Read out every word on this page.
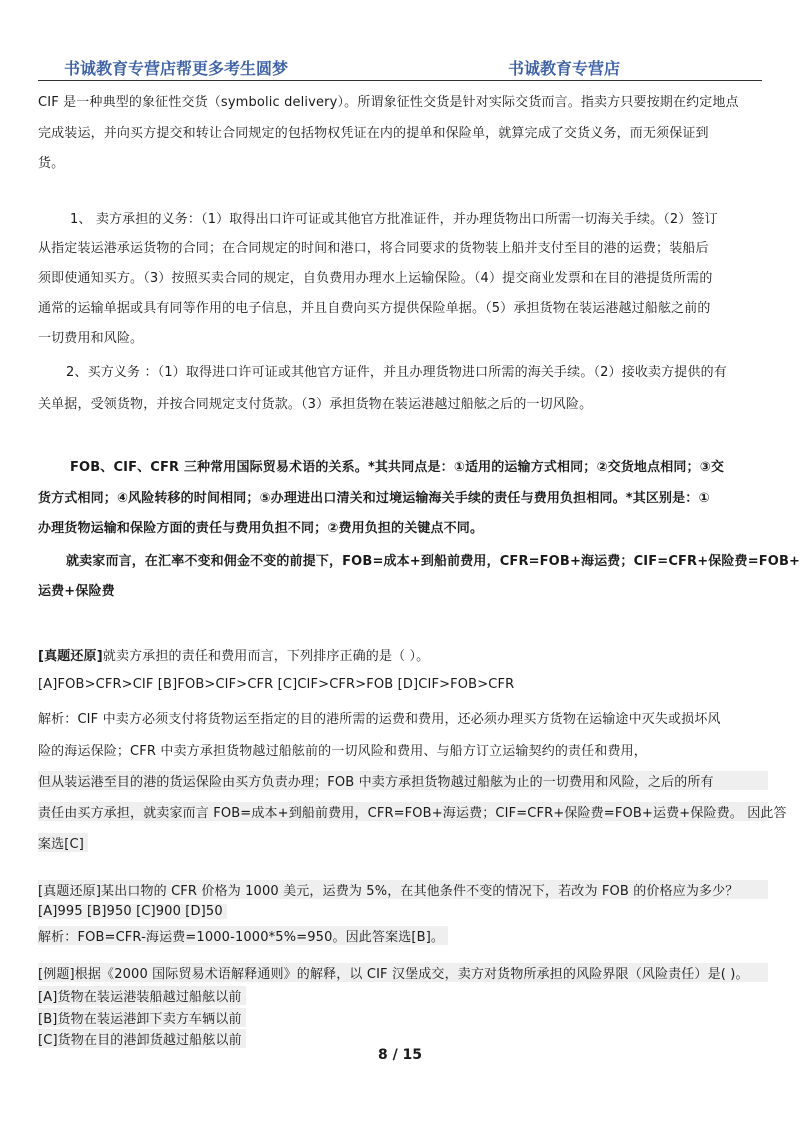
书诚教育专营店帮更多考生圆梦	书诚教育专营店
CIF 是一种典型的象征性交货（symbolic delivery）。所谓象征性交货是针对实际交货而言。指卖方只要按期在约定地点
完成装运，并向买方提交和转让合同规定的包括物权凭证在内的提单和保险单，就算完成了交货义务，而无须保证到
货。
1、 卖方承担的义务：（1）取得出口许可证或其他官方批准证件，并办理货物出口所需一切海关手续。（2）签订
从指定装运港承运货物的合同；在合同规定的时间和港口，将合同要求的货物装上船并支付至目的港的运费；装船后
须即使通知买方。（3）按照买卖合同的规定，自负费用办理水上运输保险。（4）提交商业发票和在目的港提货所需的
通常的运输单据或具有同等作用的电子信息，并且自费向买方提供保险单据。（5）承担货物在装运港越过船舷之前的
一切费用和风险。
2、买方义务 ：（1）取得进口许可证或其他官方证件，并且办理货物进口所需的海关手续。（2）接收卖方提供的有
关单据，受领货物，并按合同规定支付货款。（3）承担货物在装运港越过船舷之后的一切风险。
FOB、CIF、CFR 三种常用国际贸易术语的关系。*其共同点是：①适用的运输方式相同；②交货地点相同；③交
货方式相同；④风险转移的时间相同；⑤办理进出口清关和过境运输海关手续的责任与费用负担相同。*其区别是：①
办理货物运输和保险方面的责任与费用负担不同；②费用负担的关键点不同。
就卖家而言，在汇率不变和佣金不变的前提下，FOB=成本+到船前费用，CFR=FOB+海运费；CIF=CFR+保险费=FOB+
运费+保险费
[真题还原]就卖方承担的责任和费用而言，下列排序正确的是（ ）。
[A]FOB>CFR>CIF [B]FOB>CIF>CFR [C]CIF>CFR>FOB [D]CIF>FOB>CFR
解析：CIF 中卖方必须支付将货物运至指定的目的港所需的运费和费用，还必须办理买方货物在运输途中灭失或损坏风
险的海运保险；CFR 中卖方承担货物越过船舷前的一切风险和费用、与船方订立运输契约的责任和费用，
但从装运港至目的港的货运保险由买方负责办理；FOB 中卖方承担货物越过船舷为止的一切费用和风险，之后的所有
责任由买方承担，就卖家而言 FOB=成本+到船前费用，CFR=FOB+海运费；CIF=CFR+保险费=FOB+运费+保险费。 因此答
案选[C]
[真题还原]某出口物的 CFR 价格为 1000 美元，运费为 5%，在其他条件不变的情况下，若改为 FOB 的价格应为多少？
[A]995 [B]950 [C]900 [D]50
解析：FOB=CFR-海运费=1000-1000*5%=950。因此答案选[B]。
[例题]根据《2000 国际贸易术语解释通则》的解释，以 CIF 汉堡成交，卖方对货物所承担的风险界限（风险责任）是( )。
[A]货物在装运港装船越过船舷以前
[B]货物在装运港卸下卖方车辆以前
[C]货物在目的港卸货越过船舷以前
8 / 15
